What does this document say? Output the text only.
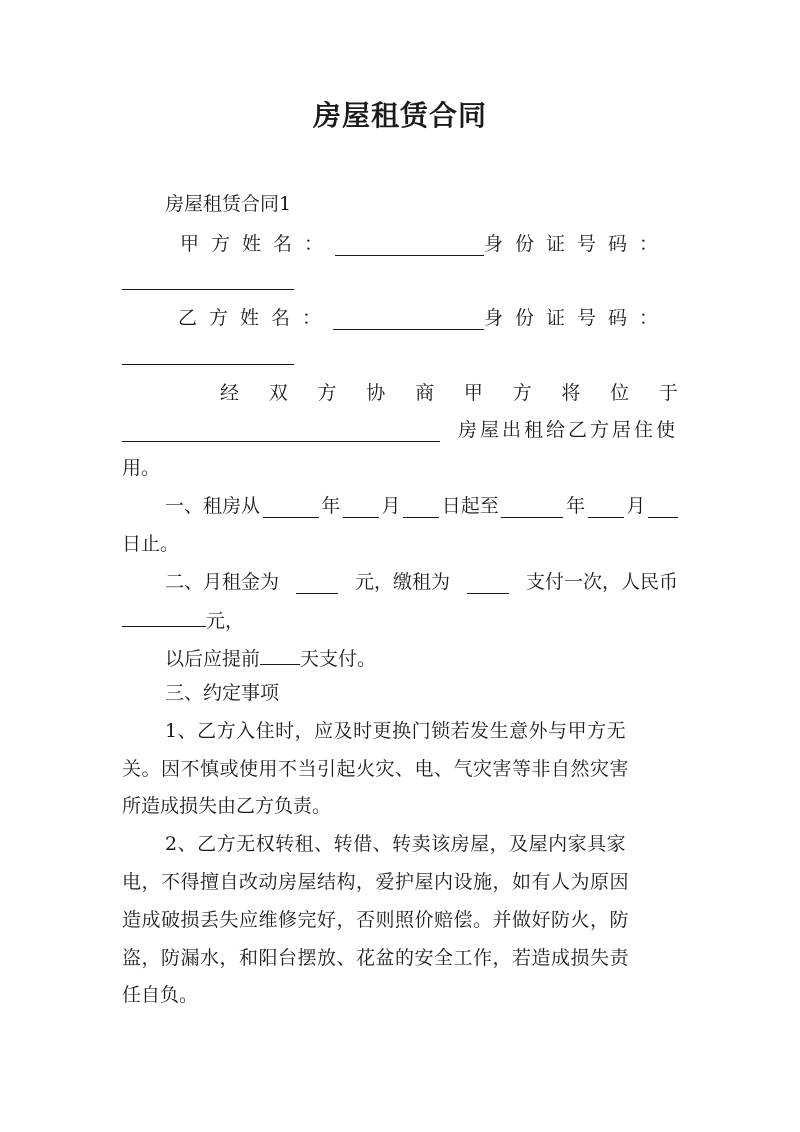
房屋租赁合同
房屋租赁合同1
甲方姓名：	身份证号码：
乙方姓名：	身份证号码：
经 双 方 协 商 甲 方 将 位 于
房屋出租给乙方居住使
用。
一、租房从	年 月 日起至	年 月
日止。
二、月租金为	元，缴租为	支付一次，人民币
元，
以后应提前 天支付。
三、约定事项
1、乙方入住时，应及时更换门锁若发生意外与甲方无
关。因不慎或使用不当引起火灾、电、气灾害等非自然灾害
所造成损失由乙方负责。
2、乙方无权转租、转借、转卖该房屋，及屋内家具家
电，不得擅自改动房屋结构，爱护屋内设施，如有人为原因
造成破损丢失应维修完好，否则照价赔偿。并做好防火，防
盗，防漏水，和阳台摆放、花盆的安全工作，若造成损失责
任自负。
